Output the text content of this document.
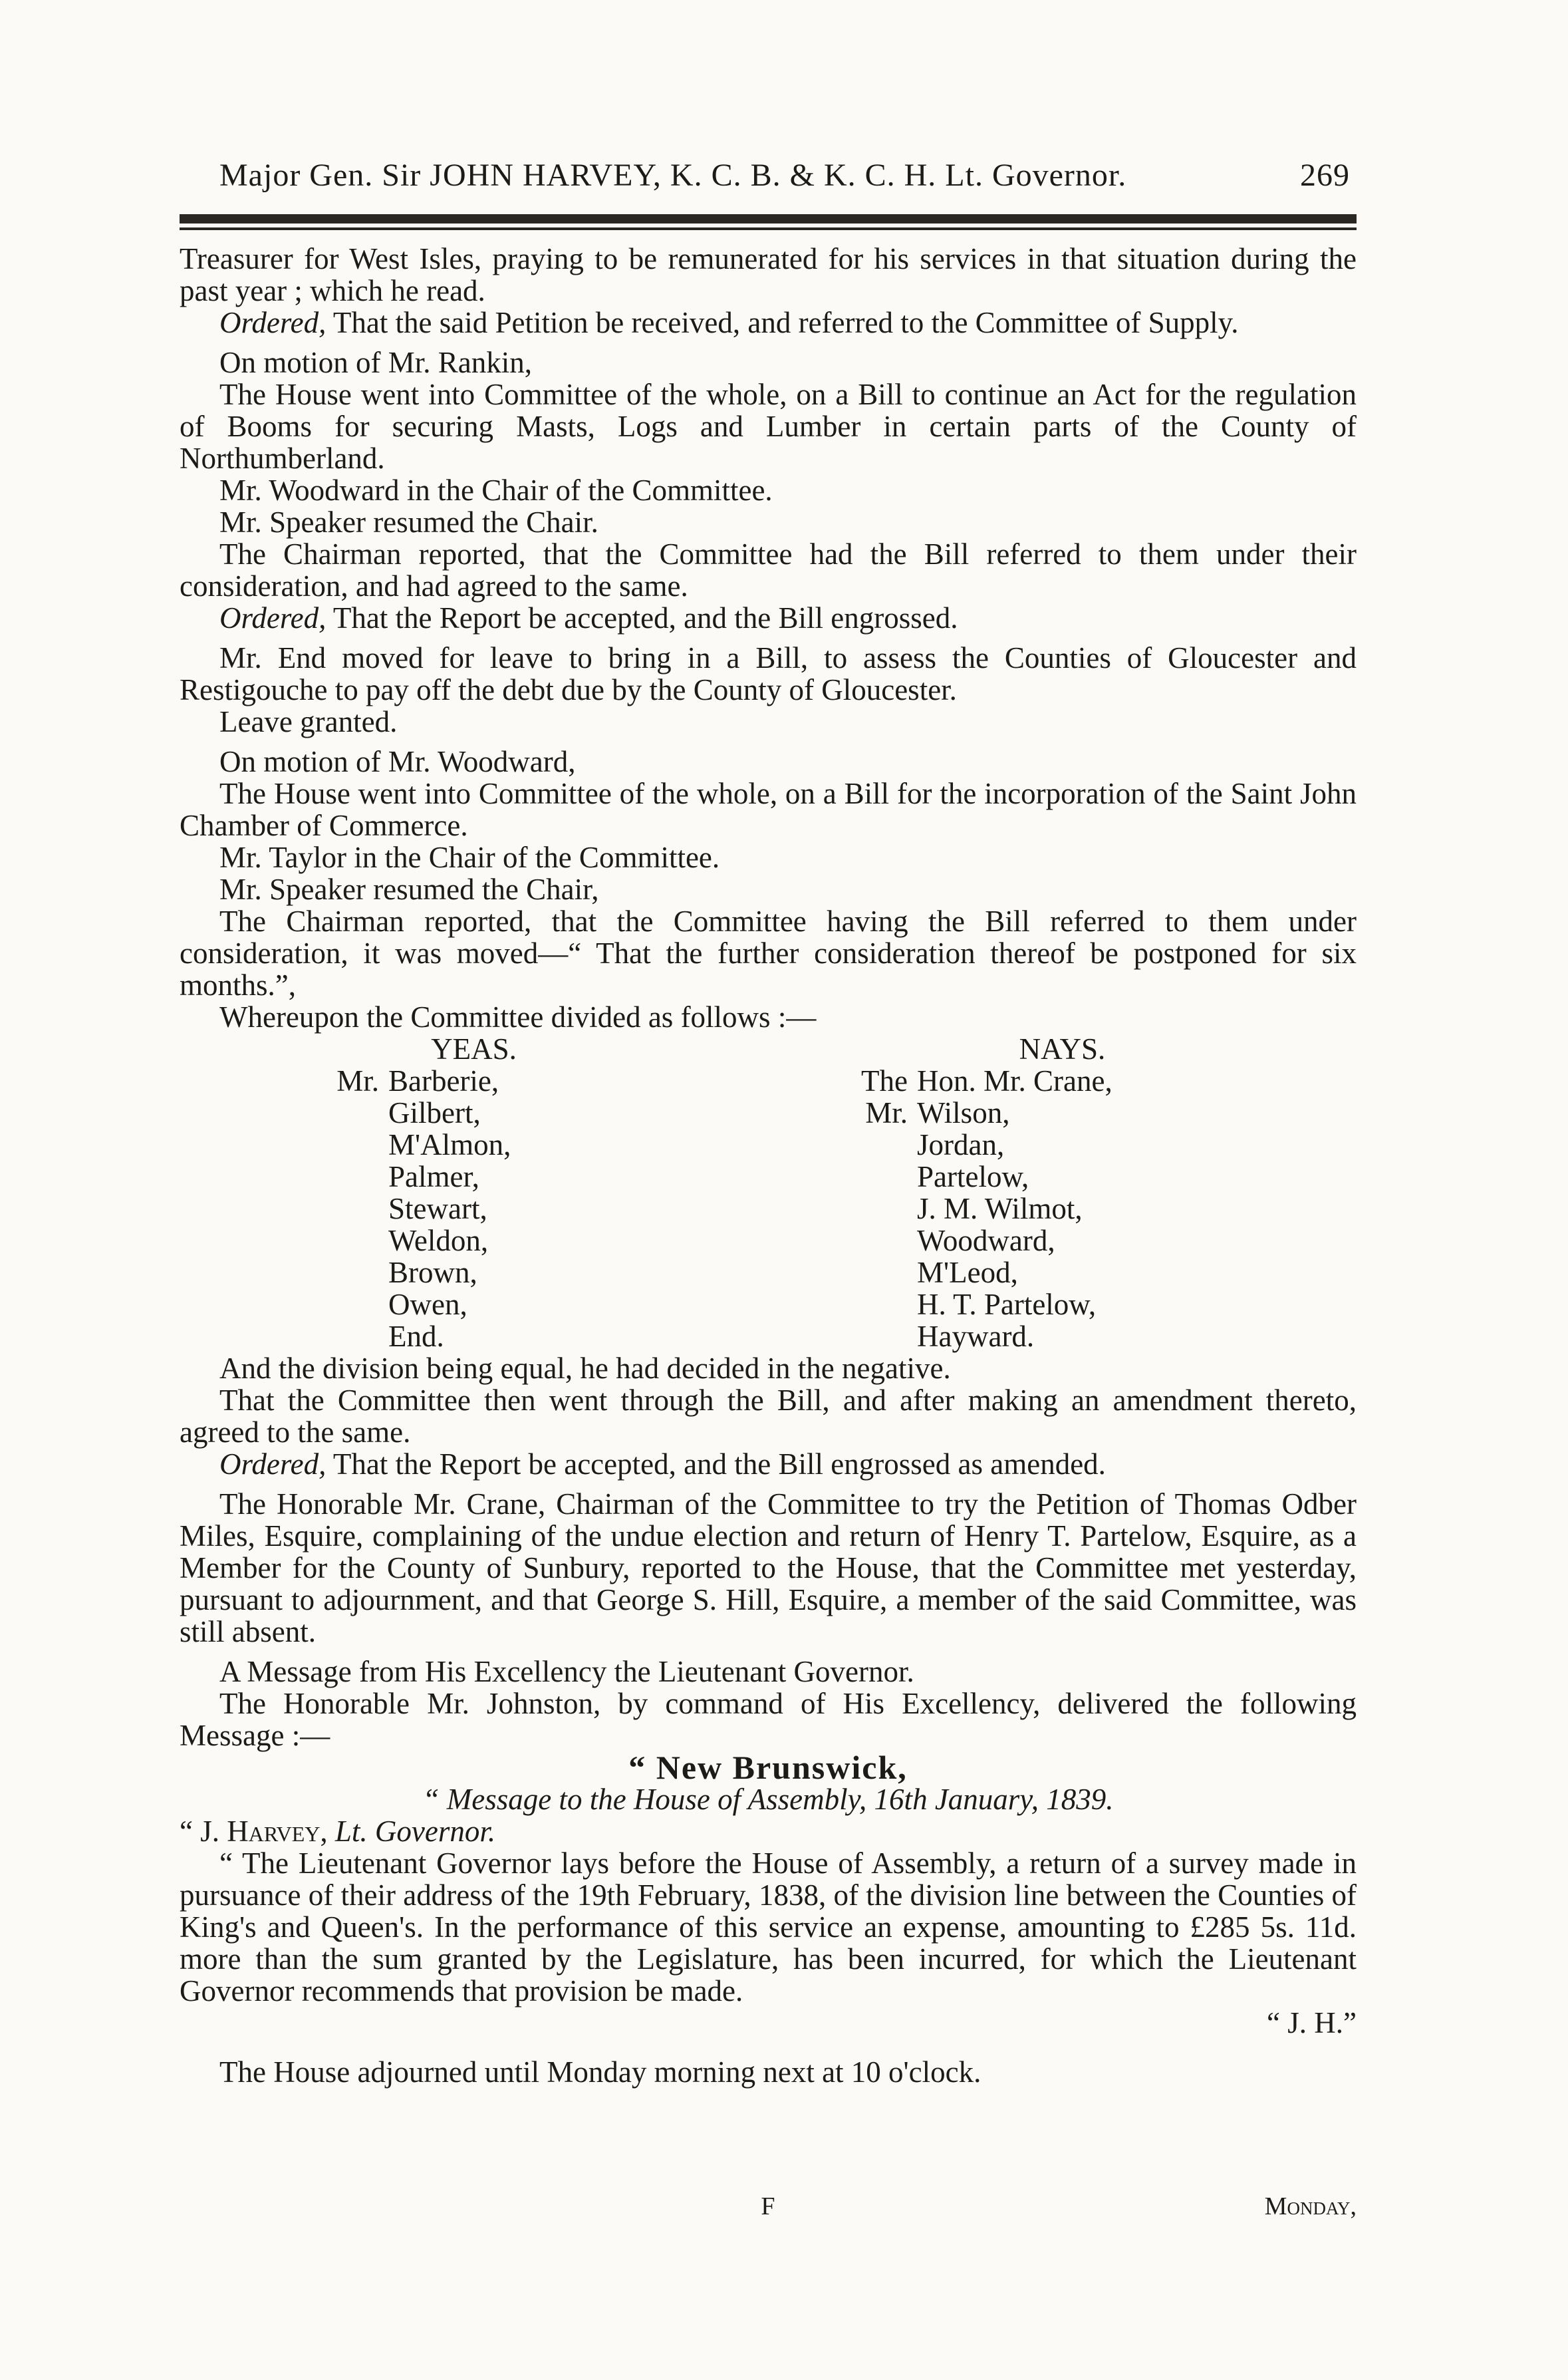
Major Gen. Sir JOHN HARVEY, K. C. B. & K. C. H. Lt. Governor.	269

Treasurer for West Isles, praying to be remunerated for his services in that situation during the past year ; which he read.

Ordered, That the said Petition be received, and referred to the Committee of Supply.

On motion of Mr. Rankin,

The House went into Committee of the whole, on a Bill to continue an Act for the regulation of Booms for securing Masts, Logs and Lumber in certain parts of the County of Northumberland.

Mr. Woodward in the Chair of the Committee.

Mr. Speaker resumed the Chair.

The Chairman reported, that the Committee had the Bill referred to them under their consideration, and had agreed to the same.

Ordered, That the Report be accepted, and the Bill engrossed.

Mr. End moved for leave to bring in a Bill, to assess the Counties of Gloucester and Restigouche to pay off the debt due by the County of Gloucester.

Leave granted.

On motion of Mr. Woodward,

The House went into Committee of the whole, on a Bill for the incorporation of the Saint John Chamber of Commerce.

Mr. Taylor in the Chair of the Committee.

Mr. Speaker resumed the Chair,

The Chairman reported, that the Committee having the Bill referred to them under consideration, it was moved—“ That the further consideration thereof be postponed for six months.”,

Whereupon the Committee divided as follows :—

YEAS.
Mr. Barberie,
Gilbert,
M'Almon,
Palmer,
Stewart,
Weldon,
Brown,
Owen,
End.
NAYS.
The Hon. Mr. Crane,
Mr. Wilson,
Jordan,
Partelow,
J. M. Wilmot,
Woodward,
M'Leod,
H. T. Partelow,
Hayward.

And the division being equal, he had decided in the negative.

That the Committee then went through the Bill, and after making an amendment thereto, agreed to the same.

Ordered, That the Report be accepted, and the Bill engrossed as amended.

The Honorable Mr. Crane, Chairman of the Committee to try the Petition of Thomas Odber Miles, Esquire, complaining of the undue election and return of Henry T. Partelow, Esquire, as a Member for the County of Sunbury, reported to the House, that the Committee met yesterday, pursuant to adjournment, and that George S. Hill, Esquire, a member of the said Committee, was still absent.

A Message from His Excellency the Lieutenant Governor.

The Honorable Mr. Johnston, by command of His Excellency, delivered the following Message :—

“ New Brunswick,

“ Message to the House of Assembly, 16th January, 1839.

“ J. Harvey, Lt. Governor.

“ The Lieutenant Governor lays before the House of Assembly, a return of a survey made in pursuance of their address of the 19th February, 1838, of the division line between the Counties of King's and Queen's. In the performance of this service an expense, amounting to £285 5s. 11d. more than the sum granted by the Legislature, has been incurred, for which the Lieutenant Governor recommends that provision be made.

“ J. H.”

The House adjourned until Monday morning next at 10 o'clock.

F	Monday,
